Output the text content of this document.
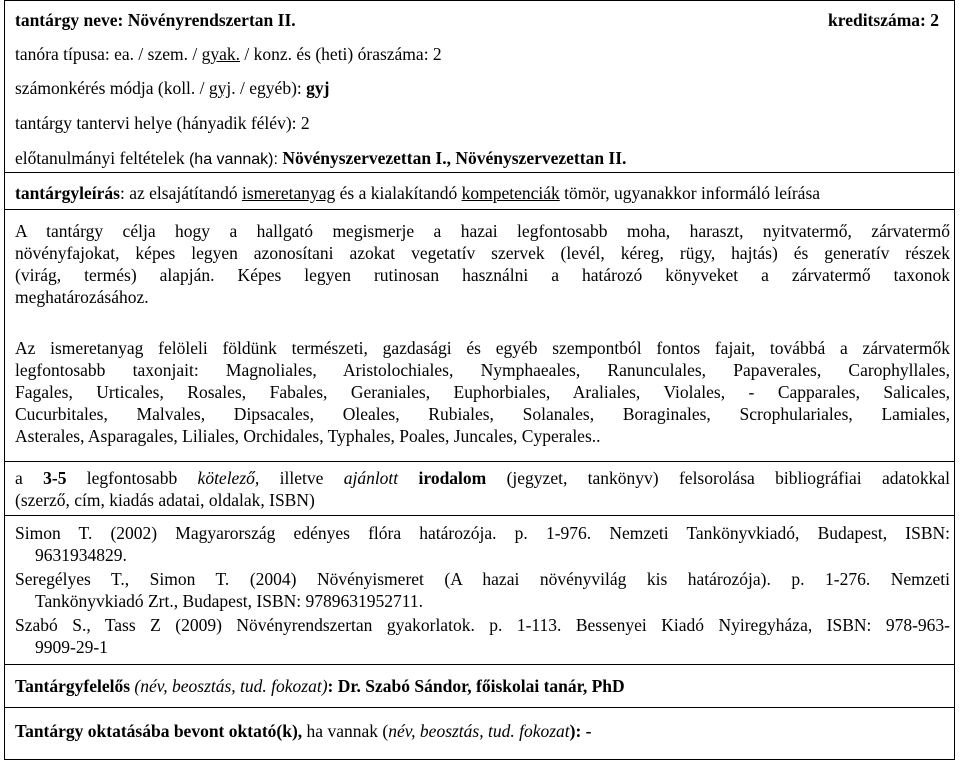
tantárgy neve: Növényrendszertan II.	kreditszáma: 2
tanóra típusa: ea. / szem. / gyak. / konz. és (heti) óraszáma: 2
számonkérés módja (koll. / gyj. / egyéb): gyj
tantárgy tantervi helye (hányadik félév): 2
előtanulmányi feltételek (ha vannak): Növényszervezettan I., Növényszervezettan II.
tantárgyleírás: az elsajátítandó ismeretanyag és a kialakítandó kompetenciák tömör, ugyanakkor informáló leírása
A tantárgy célja hogy a hallgató megismerje a hazai legfontosabb moha, haraszt, nyitvatermő, zárvatermő
növényfajokat, képes legyen azonosítani azokat vegetatív szervek (levél, kéreg, rügy, hajtás) és generatív részek
(virág, termés) alapján. Képes legyen rutinosan használni a határozó könyveket a zárvatermő taxonok
meghatározásához.
Az ismeretanyag felöleli földünk természeti, gazdasági és egyéb szempontból fontos fajait, továbbá a zárvatermők
legfontosabb taxonjait: Magnoliales, Aristolochiales, Nymphaeales, Ranunculales, Papaverales, Carophyllales,
Fagales, Urticales, Rosales, Fabales, Geraniales, Euphorbiales, Araliales, Violales, - Capparales, Salicales,
Cucurbitales, Malvales, Dipsacales, Oleales, Rubiales, Solanales, Boraginales, Scrophulariales, Lamiales,
Asterales, Asparagales, Liliales, Orchidales, Typhales, Poales, Juncales, Cyperales..
a 3-5 legfontosabb kötelező, illetve ajánlott irodalom (jegyzet, tankönyv) felsorolása bibliográfiai adatokkal
(szerző, cím, kiadás adatai, oldalak, ISBN)
Simon T. (2002) Magyarország edényes flóra határozója. p. 1-976. Nemzeti Tankönyvkiadó, Budapest, ISBN:
9631934829.
Seregélyes T., Simon T. (2004) Növényismeret (A hazai növényvilág kis határozója). p. 1-276. Nemzeti
Tankönyvkiadó Zrt., Budapest, ISBN: 9789631952711.
Szabó S., Tass Z (2009) Növényrendszertan gyakorlatok. p. 1-113. Bessenyei Kiadó Nyiregyháza, ISBN: 978-963-
9909-29-1
Tantárgyfelelős (név, beosztás, tud. fokozat): Dr. Szabó Sándor, főiskolai tanár, PhD
Tantárgy oktatásába bevont oktató(k), ha vannak (név, beosztás, tud. fokozat): -
